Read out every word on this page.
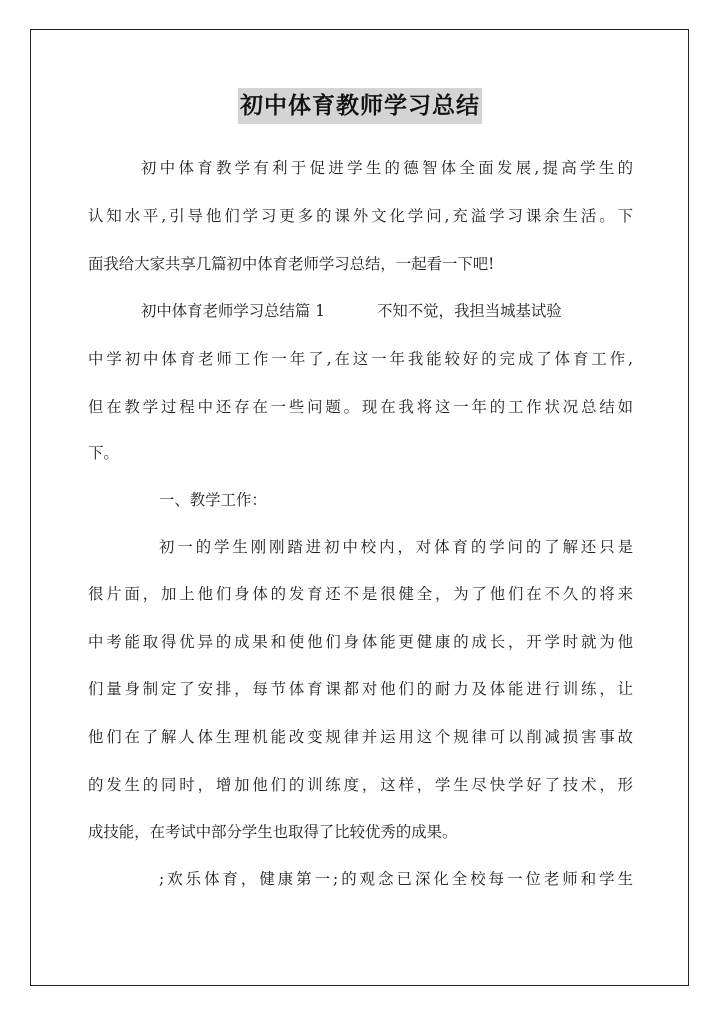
初中体育教师学习总结
初中体育教学有利于促进学生的德智体全面发展,提高学生的
认知水平,引导他们学习更多的课外文化学问,充溢学习课余生活。下
面我给大家共享几篇初中体育老师学习总结，一起看一下吧!
初中体育老师学习总结篇 1	不知不觉，我担当城基试验
中学初中体育老师工作一年了,在这一年我能较好的完成了体育工作,
但在教学过程中还存在一些问题。现在我将这一年的工作状况总结如
下。
一、教学工作：
初一的学生刚刚踏进初中校内，对体育的学问的了解还只是
很片面，加上他们身体的发育还不是很健全，为了他们在不久的将来
中考能取得优异的成果和使他们身体能更健康的成长，开学时就为他
们量身制定了安排，每节体育课都对他们的耐力及体能进行训练，让
他们在了解人体生理机能改变规律并运用这个规律可以削减损害事故
的发生的同时，增加他们的训练度，这样，学生尽快学好了技术，形
成技能，在考试中部分学生也取得了比较优秀的成果。
;欢乐体育，健康第一;的观念已深化全校每一位老师和学生
